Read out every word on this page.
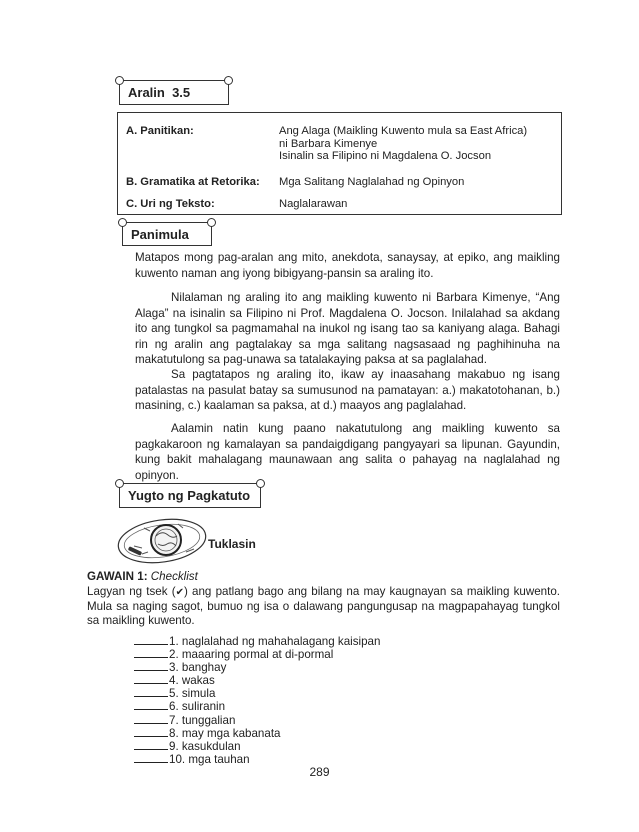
Aralin  3.5
A. Panitikan:	Ang Alaga (Maikling Kuwento mula sa East Africa)
ni Barbara Kimenye
Isinalin sa Filipino ni Magdalena O. Jocson
B. Gramatika at Retorika: Mga Salitang Naglalahad ng Opinyon
C. Uri ng Teksto:	Naglalarawan
Panimula

Matapos mong pag-aralan ang mito, anekdota, sanaysay, at epiko, ang maikling kuwento naman ang iyong bibigyang-pansin sa araling ito.

Nilalaman ng araling ito ang maikling kuwento ni Barbara Kimenye, “Ang Alaga” na isinalin sa Filipino ni Prof. Magdalena O. Jocson. Inilalahad sa akdang ito ang tungkol sa pagmamahal na inukol ng isang tao sa kaniyang alaga. Bahagi rin ng aralin ang pagtalakay sa mga salitang nagsasaad ng paghihinuha na makatutulong sa pag-unawa sa tatalakaying paksa at sa paglalahad.

Sa pagtatapos ng araling ito, ikaw ay inaasahang makabuo ng isang patalastas na pasulat batay sa sumusunod na pamatayan: a.) makatotohanan, b.) masining, c.) kaalaman sa paksa, at d.) maayos ang paglalahad.

Aalamin natin kung paano nakatutulong ang maikling kuwento sa pagkakaroon ng kamalayan sa pandaigdigang pangyayari sa lipunan. Gayundin, kung bakit mahalagang maunawaan ang salita o pahayag na naglalahad ng opinyon.

Yugto ng Pagkatuto
Tuklasin
GAWAIN 1: Checklist

Lagyan ng tsek (✔) ang patlang bago ang bilang na may kaugnayan sa maikling kuwento. Mula sa naging sagot, bumuo ng isa o dalawang pangungusap na magpapahayag tungkol sa maikling kuwento.

1. naglalahad ng mahahalagang kaisipan
2. maaaring pormal at di-pormal
3. banghay
4. wakas
5. simula
6. suliranin
7. tunggalian
8. may mga kabanata
9. kasukdulan
10. mga tauhan
289
